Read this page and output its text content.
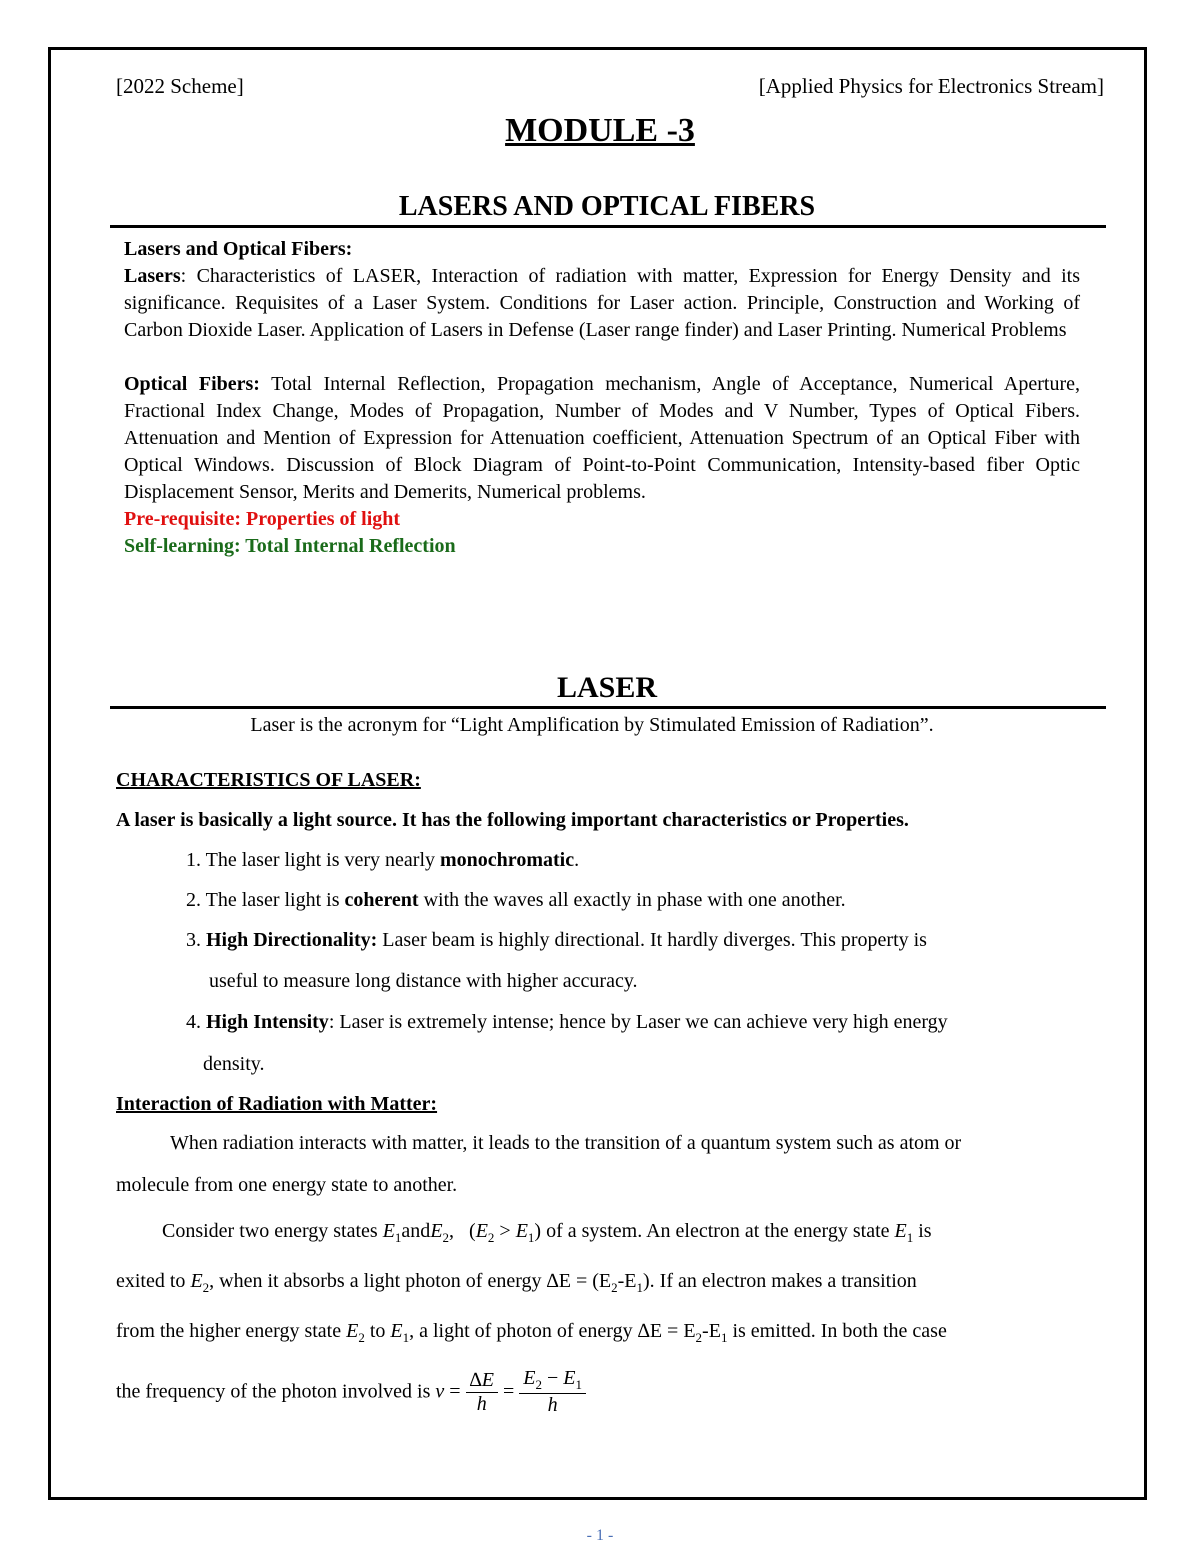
[2022 Scheme]	[Applied Physics for Electronics Stream]
MODULE -3
LASERS AND OPTICAL FIBERS

Lasers and Optical Fibers:

Lasers: Characteristics of LASER, Interaction of radiation with matter, Expression for Energy Density and its significance. Requisites of a Laser System. Conditions for Laser action. Principle, Construction and Working of Carbon Dioxide Laser. Application of Lasers in Defense (Laser range finder) and Laser Printing. Numerical Problems

Optical Fibers: Total Internal Reflection, Propagation mechanism, Angle of Acceptance, Numerical Aperture, Fractional Index Change, Modes of Propagation, Number of Modes and V Number, Types of Optical Fibers. Attenuation and Mention of Expression for Attenuation coefficient, Attenuation Spectrum of an Optical Fiber with Optical Windows. Discussion of Block Diagram of Point-to-Point Communication, Intensity-based fiber Optic Displacement Sensor, Merits and Demerits, Numerical problems.

Pre-requisite: Properties of light

Self-learning: Total Internal Reflection

LASER
Laser is the acronym for “Light Amplification by Stimulated Emission of Radiation”.
CHARACTERISTICS OF LASER:
A laser is basically a light source. It has the following important characteristics or Properties.
1. The laser light is very nearly monochromatic.
2. The laser light is coherent with the waves all exactly in phase with one another.
3. High Directionality: Laser beam is highly directional. It hardly diverges. This property is
useful to measure long distance with higher accuracy.
4. High Intensity: Laser is extremely intense; hence by Laser we can achieve very high energy
density.
Interaction of Radiation with Matter:
When radiation interacts with matter, it leads to the transition of a quantum system such as atom or
molecule from one energy state to another.
Consider two energy states $E_1andE_2$,   $(E_2 > E_1)$ of a system. An electron at the energy state $E_1$ is
exited to $E_2$, when it absorbs a light photon of energy $\Delta E = (E_2-E_1)$. If an electron makes a transition
from the higher energy state $E_2$ to $E_1$, a light of photon of energy $\Delta E = E_2-E_1$ is emitted. In both the case
the frequency of the photon involved is $\nu = \frac{\Delta E}{h} = \frac{E_2 - E_1}{h}$
- 1 -
